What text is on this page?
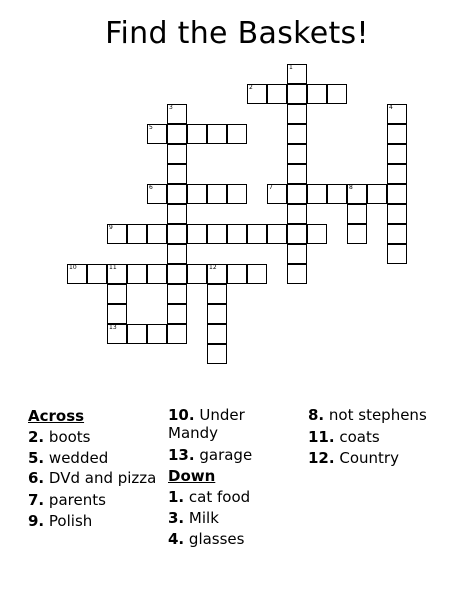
Find the Baskets!
1
2
3	4
5
6	7	8
9
10	11	12
13
Across
2. boots
5. wedded
6. DVd and pizza
7. parents
9. Polish
10. Under Mandy
13. garage
Down
1. cat food
3. Milk
4. glasses
8. not stephens
11. coats
12. Country
